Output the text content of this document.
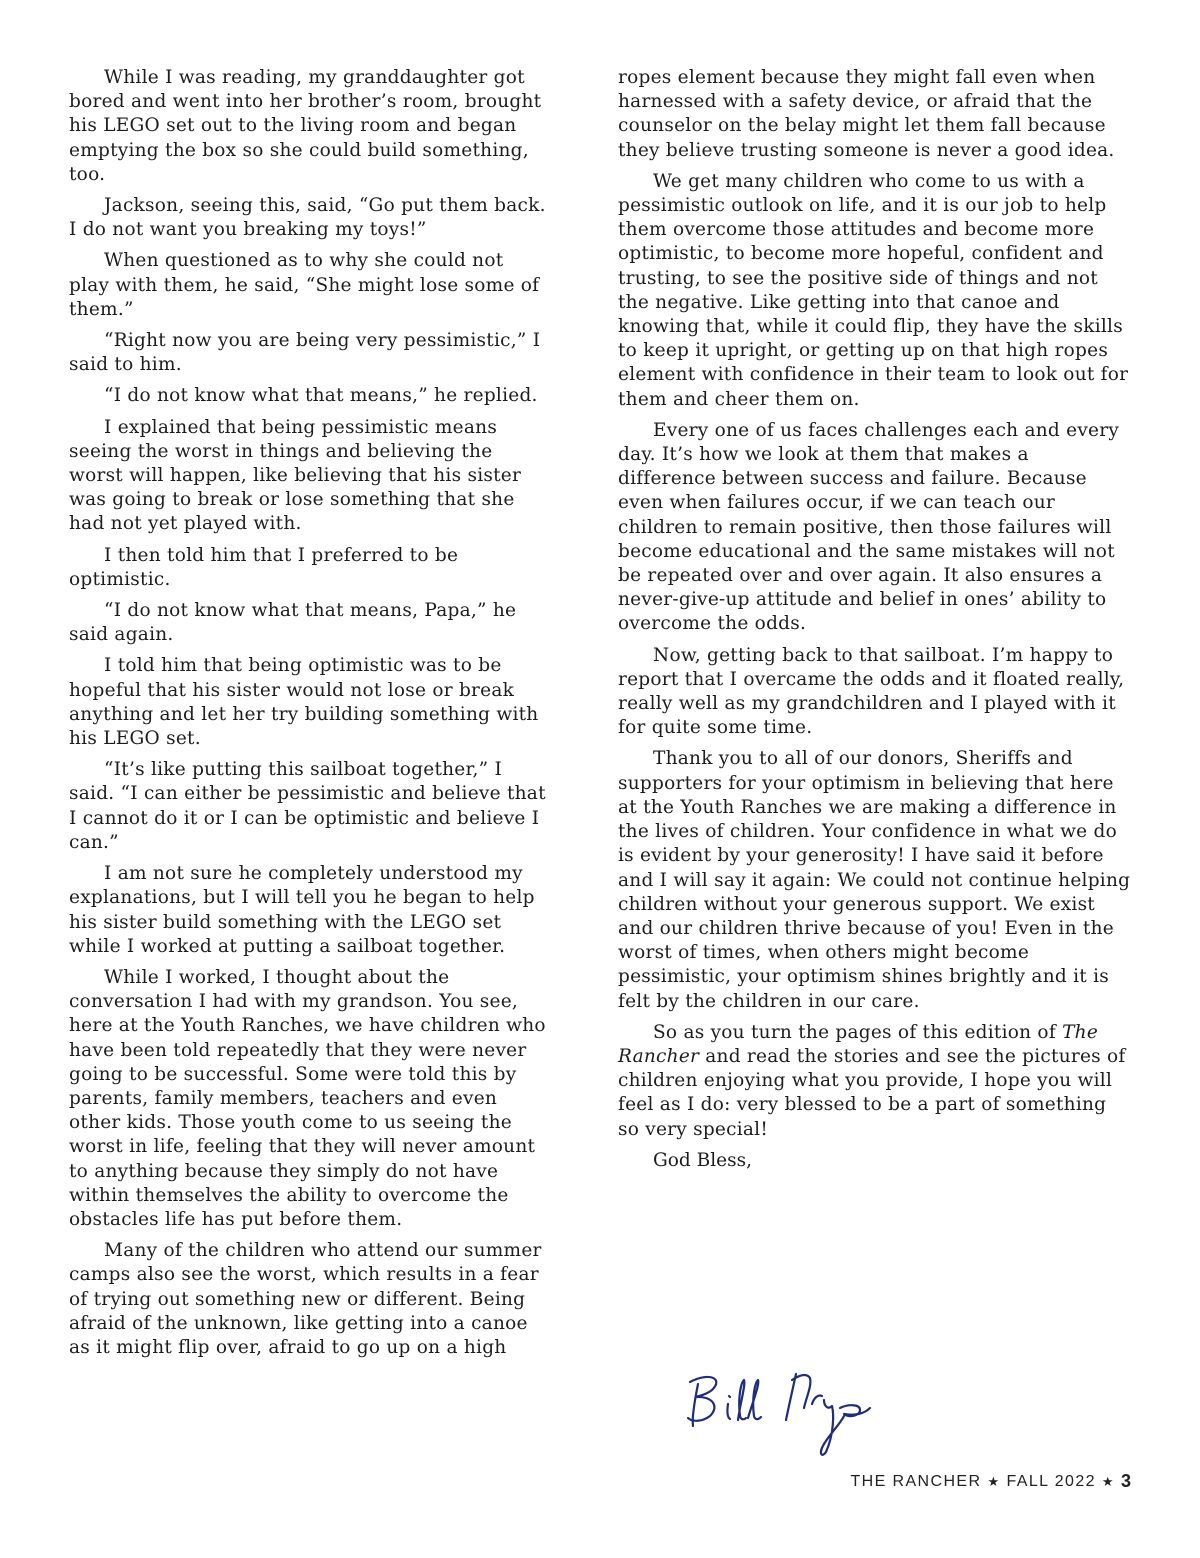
While I was reading, my granddaughter got bored and went into her brother’s room, brought his LEGO set out to the living room and began emptying the box so she could build something, too.

Jackson, seeing this, said, “Go put them back. I do not want you breaking my toys!”

When questioned as to why she could not play with them, he said, “She might lose some of them.”

“Right now you are being very pessimistic,” I said to him.

“I do not know what that means,” he replied.

I explained that being pessimistic means seeing the worst in things and believing the worst will happen, like believing that his sister was going to break or lose something that she had not yet played with.

I then told him that I preferred to be optimistic.

“I do not know what that means, Papa,” he said again.

I told him that being optimistic was to be hopeful that his sister would not lose or break anything and let her try building something with his LEGO set.

“It’s like putting this sailboat together,” I said. “I can either be pessimistic and believe that I cannot do it or I can be optimistic and believe I can.”

I am not sure he completely understood my explanations, but I will tell you he began to help his sister build something with the LEGO set while I worked at putting a sailboat together.

While I worked, I thought about the conversation I had with my grandson. You see, here at the Youth Ranches, we have children who have been told repeatedly that they were never going to be successful. Some were told this by parents, family members, teachers and even other kids. Those youth come to us seeing the worst in life, feeling that they will never amount to anything because they simply do not have within themselves the ability to overcome the obstacles life has put before them.

Many of the children who attend our summer camps also see the worst, which results in a fear of trying out something new or different. Being afraid of the unknown, like getting into a canoe as it might flip over, afraid to go up on a high

ropes element because they might fall even when harnessed with a safety device, or afraid that the counselor on the belay might let them fall because they believe trusting someone is never a good idea.

We get many children who come to us with a pessimistic outlook on life, and it is our job to help them overcome those attitudes and become more optimistic, to become more hopeful, confident and trusting, to see the positive side of things and not the negative. Like getting into that canoe and knowing that, while it could flip, they have the skills to keep it upright, or getting up on that high ropes element with confidence in their team to look out for them and cheer them on.

Every one of us faces challenges each and every day. It’s how we look at them that makes a difference between success and failure. Because even when failures occur, if we can teach our children to remain positive, then those failures will become educational and the same mistakes will not be repeated over and over again. It also ensures a never-give-up attitude and belief in ones’ ability to overcome the odds.

Now, getting back to that sailboat. I’m happy to report that I overcame the odds and it floated really, really well as my grandchildren and I played with it for quite some time.

Thank you to all of our donors, Sheriffs and supporters for your optimism in believing that here at the Youth Ranches we are making a difference in the lives of children. Your confidence in what we do is evident by your generosity! I have said it before and I will say it again: We could not continue helping children without your generous support. We exist and our children thrive because of you! Even in the worst of times, when others might become pessimistic, your optimism shines brightly and it is felt by the children in our care.

So as you turn the pages of this edition of The Rancher and read the stories and see the pictures of children enjoying what you provide, I hope you will feel as I do: very blessed to be a part of something so very special!

God Bless,

THE RANCHER ★ FALL 2022 ★ 3
